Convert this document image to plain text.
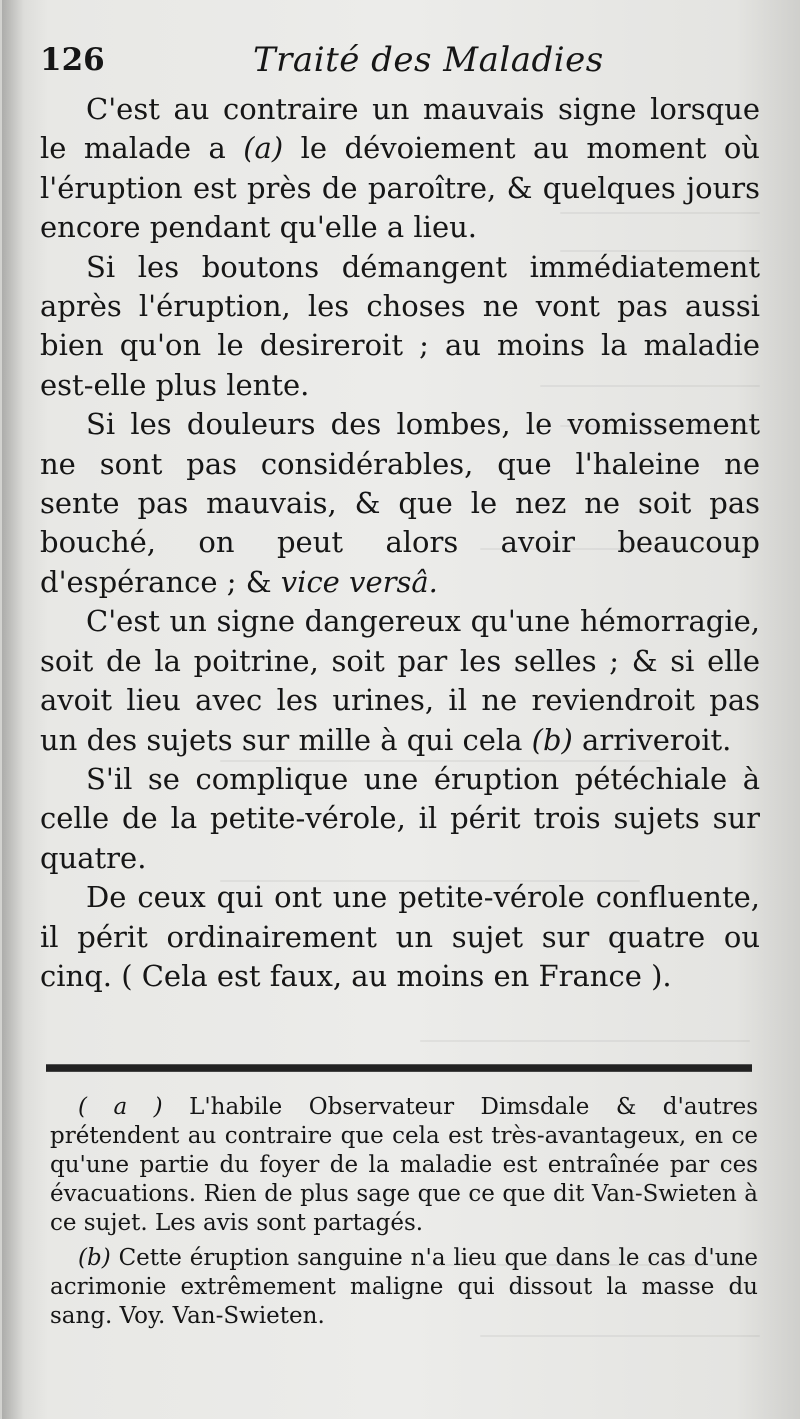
126	Traité des Maladies

C'est au contraire un mauvais signe lorsque le malade a (a) le dévoiement au moment où l'éruption est près de paroître, & quelques jours encore pendant qu'elle a lieu.

Si les boutons démangent immédiatement après l'éruption, les choses ne vont pas aussi bien qu'on le desireroit ; au moins la maladie est-elle plus lente.

Si les douleurs des lombes, le vomissement ne sont pas considérables, que l'haleine ne sente pas mauvais, & que le nez ne soit pas bouché, on peut alors avoir beaucoup d'espérance ; & vice versâ.

C'est un signe dangereux qu'une hémorragie, soit de la poitrine, soit par les selles ; & si elle avoit lieu avec les urines, il ne reviendroit pas un des sujets sur mille à qui cela (b) arriveroit.

S'il se complique une éruption pétéchiale à celle de la petite-vérole, il périt trois sujets sur quatre.

De ceux qui ont une petite-vérole confluente, il périt ordinairement un sujet sur quatre ou cinq. ( Cela est faux, au moins en France ).

( a ) L'habile Observateur Dimsdale & d'autres prétendent au contraire que cela est très-avantageux, en ce qu'une partie du foyer de la maladie est entraînée par ces évacuations. Rien de plus sage que ce que dit Van-Swieten à ce sujet. Les avis sont partagés.

(b) Cette éruption sanguine n'a lieu que dans le cas d'une acrimonie extrêmement maligne qui dissout la masse du sang. Voy. Van-Swieten.
